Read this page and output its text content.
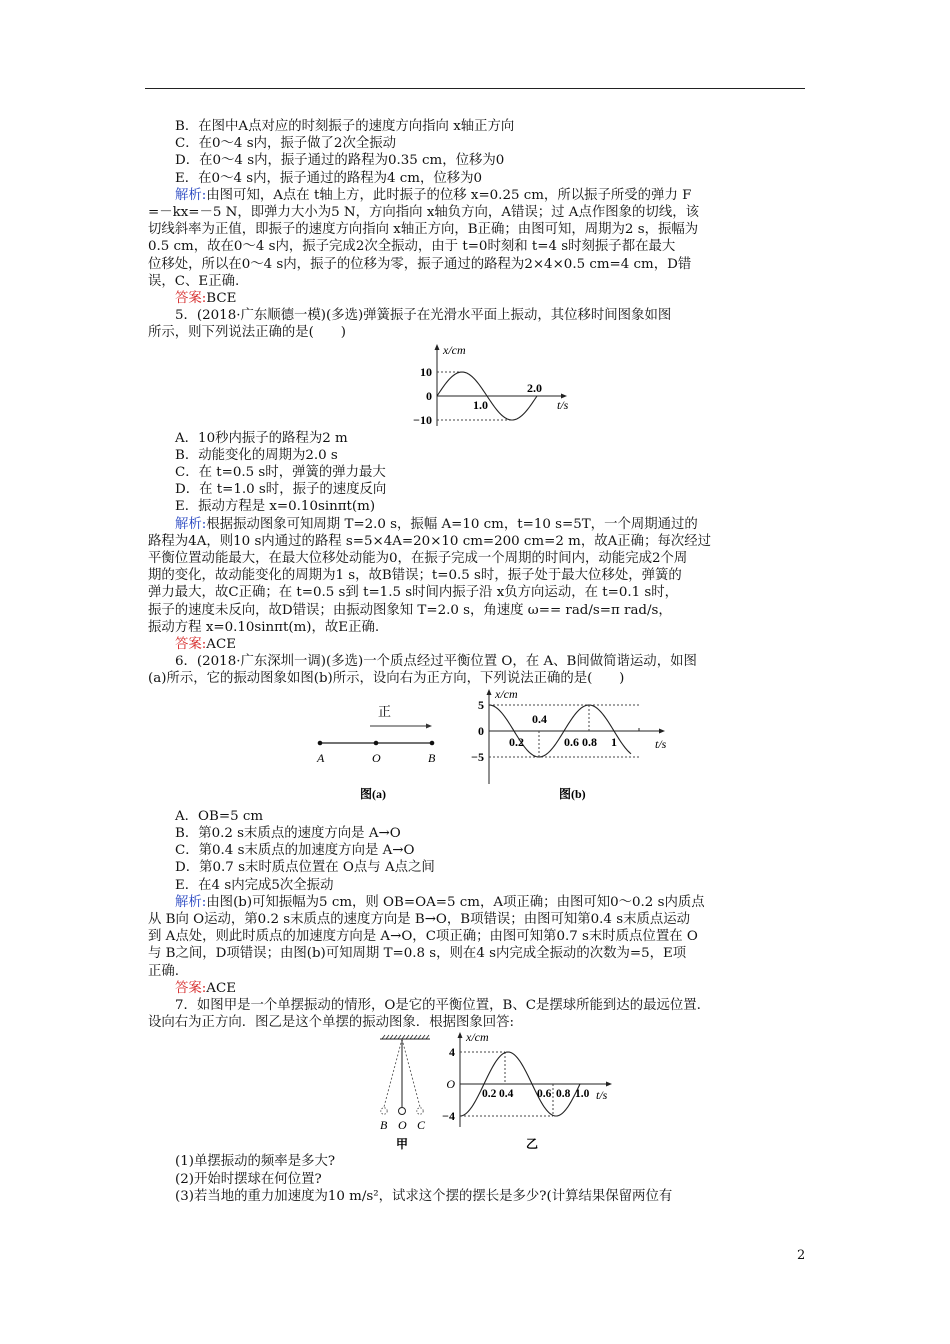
B．在图中A点对应的时刻振子的速度方向指向 x轴正方向
C．在0～4 s内，振子做了2次全振动
D．在0～4 s内，振子通过的路程为0.35 cm，位移为0
E．在0～4 s内，振子通过的路程为4 cm，位移为0
解析:由图可知，A点在 t轴上方，此时振子的位移 x=0.25 cm，所以振子所受的弹力 F
=－kx=－5 N，即弹力大小为5 N，方向指向 x轴负方向，A错误；过 A点作图象的切线，该
切线斜率为正值，即振子的速度方向指向 x轴正方向，B正确；由图可知，周期为2 s，振幅为
0.5 cm，故在0～4 s内，振子完成2次全振动，由于 t=0时刻和 t=4 s时刻振子都在最大
位移处，所以在0～4 s内，振子的位移为零，振子通过的路程为2×4×0.5 cm=4 cm，D错
误，C、E正确.
答案:BCE
5．(2018·广东顺德一模)(多选)弹簧振子在光滑水平面上振动，其位移时间图象如图
所示，则下列说法正确的是(　　)
x/cm
t/s
10
0
−10
1.0
2.0
A．10秒内振子的路程为2 m
B．动能变化的周期为2.0 s
C．在 t=0.5 s时，弹簧的弹力最大
D．在 t=1.0 s时，振子的速度反向
E．振动方程是 x=0.10sinπt(m)
解析:根据振动图象可知周期 T=2.0 s，振幅 A=10 cm，t=10 s=5T，一个周期通过的
路程为4A，则10 s内通过的路程 s=5×4A=20×10 cm=200 cm=2 m，故A正确；每次经过
平衡位置动能最大，在最大位移处动能为0，在振子完成一个周期的时间内，动能完成2个周
期的变化，故动能变化的周期为1 s，故B错误；t=0.5 s时，振子处于最大位移处，弹簧的
弹力最大，故C正确；在 t=0.5 s到 t=1.5 s时间内振子沿 x负方向运动，在 t=0.1 s时，
振子的速度未反向，故D错误；由振动图象知 T=2.0 s，角速度 ω== rad/s=π rad/s，
振动方程 x=0.10sinπt(m)，故E正确.
答案:ACE
6．(2018·广东深圳一调)(多选)一个质点经过平衡位置 O，在 A、B间做简谐运动，如图
(a)所示，它的振动图象如图(b)所示，设向右为正方向，下列说法正确的是(　　)
正
A	O	B
图(a)
x/cm
t/s
5
0
−5
0.2
0.4
0.6 0.8 1
图(b)
A．OB=5 cm
B．第0.2 s末质点的速度方向是 A→O
C．第0.4 s末质点的加速度方向是 A→O
D．第0.7 s末时质点位置在 O点与 A点之间
E．在4 s内完成5次全振动
解析:由图(b)可知振幅为5 cm，则 OB=OA=5 cm，A项正确；由图可知0～0.2 s内质点
从 B向 O运动，第0.2 s末质点的速度方向是 B→O，B项错误；由图可知第0.4 s末质点运动
到 A点处，则此时质点的加速度方向是 A→O，C项正确；由图可知第0.7 s末时质点位置在 O
与 B之间，D项错误；由图(b)可知周期 T=0.8 s，则在4 s内完成全振动的次数为=5，E项
正确.
答案:ACE
7．如图甲是一个单摆振动的情形，O是它的平衡位置，B、C是摆球所能到达的最远位置.
设向右为正方向．图乙是这个单摆的振动图象．根据图象回答:
B O C
甲
x/cm
t/s
4
O
−4
0.2 0.4 0.6 0.8 1.0
乙
(1)单摆振动的频率是多大?
(2)开始时摆球在何位置?
(3)若当地的重力加速度为10 m/s²，试求这个摆的摆长是多少?(计算结果保留两位有
2
